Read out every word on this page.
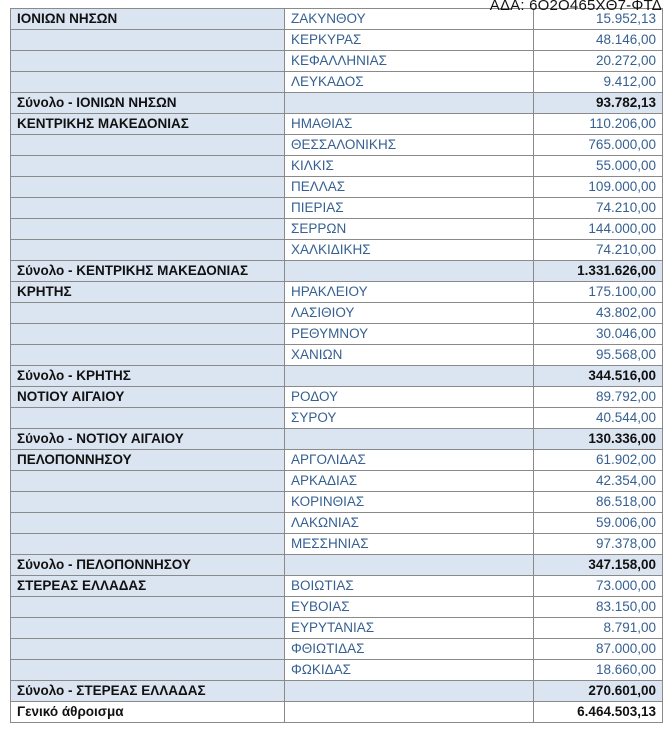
ΑΔΑ: 6Ο2Ο465ΧΘ7-ΦΤΔ
ΙΟΝΙΩΝ ΝΗΣΩΝ	ΖΑΚΥΝΘΟΥ	15.952,13
	ΚΕΡΚΥΡΑΣ	48.146,00
	ΚΕΦΑΛΛΗΝΙΑΣ	20.272,00
	ΛΕΥΚΑΔΟΣ	9.412,00
Σύνολο - ΙΟΝΙΩΝ ΝΗΣΩΝ		93.782,13
ΚΕΝΤΡΙΚΗΣ ΜΑΚΕΔΟΝΙΑΣ	ΗΜΑΘΙΑΣ	110.206,00
	ΘΕΣΣΑΛΟΝΙΚΗΣ	765.000,00
	ΚΙΛΚΙΣ	55.000,00
	ΠΕΛΛΑΣ	109.000,00
	ΠΙΕΡΙΑΣ	74.210,00
	ΣΕΡΡΩΝ	144.000,00
	ΧΑΛΚΙΔΙΚΗΣ	74.210,00
Σύνολο - ΚΕΝΤΡΙΚΗΣ ΜΑΚΕΔΟΝΙΑΣ		1.331.626,00
ΚΡΗΤΗΣ	ΗΡΑΚΛΕΙΟΥ	175.100,00
	ΛΑΣΙΘΙΟΥ	43.802,00
	ΡΕΘΥΜΝΟΥ	30.046,00
	ΧΑΝΙΩΝ	95.568,00
Σύνολο - ΚΡΗΤΗΣ		344.516,00
ΝΟΤΙΟΥ ΑΙΓΑΙΟΥ	ΡΟΔΟΥ	89.792,00
	ΣΥΡΟΥ	40.544,00
Σύνολο - ΝΟΤΙΟΥ ΑΙΓΑΙΟΥ		130.336,00
ΠΕΛΟΠΟΝΝΗΣΟΥ	ΑΡΓΟΛΙΔΑΣ	61.902,00
	ΑΡΚΑΔΙΑΣ	42.354,00
	ΚΟΡΙΝΘΙΑΣ	86.518,00
	ΛΑΚΩΝΙΑΣ	59.006,00
	ΜΕΣΣΗΝΙΑΣ	97.378,00
Σύνολο - ΠΕΛΟΠΟΝΝΗΣΟΥ		347.158,00
ΣΤΕΡΕΑΣ ΕΛΛΑΔΑΣ	ΒΟΙΩΤΙΑΣ	73.000,00
	ΕΥΒΟΙΑΣ	83.150,00
	ΕΥΡΥΤΑΝΙΑΣ	8.791,00
	ΦΘΙΩΤΙΔΑΣ	87.000,00
	ΦΩΚΙΔΑΣ	18.660,00
Σύνολο - ΣΤΕΡΕΑΣ ΕΛΛΑΔΑΣ		270.601,00
Γενικό άθροισμα		6.464.503,13
